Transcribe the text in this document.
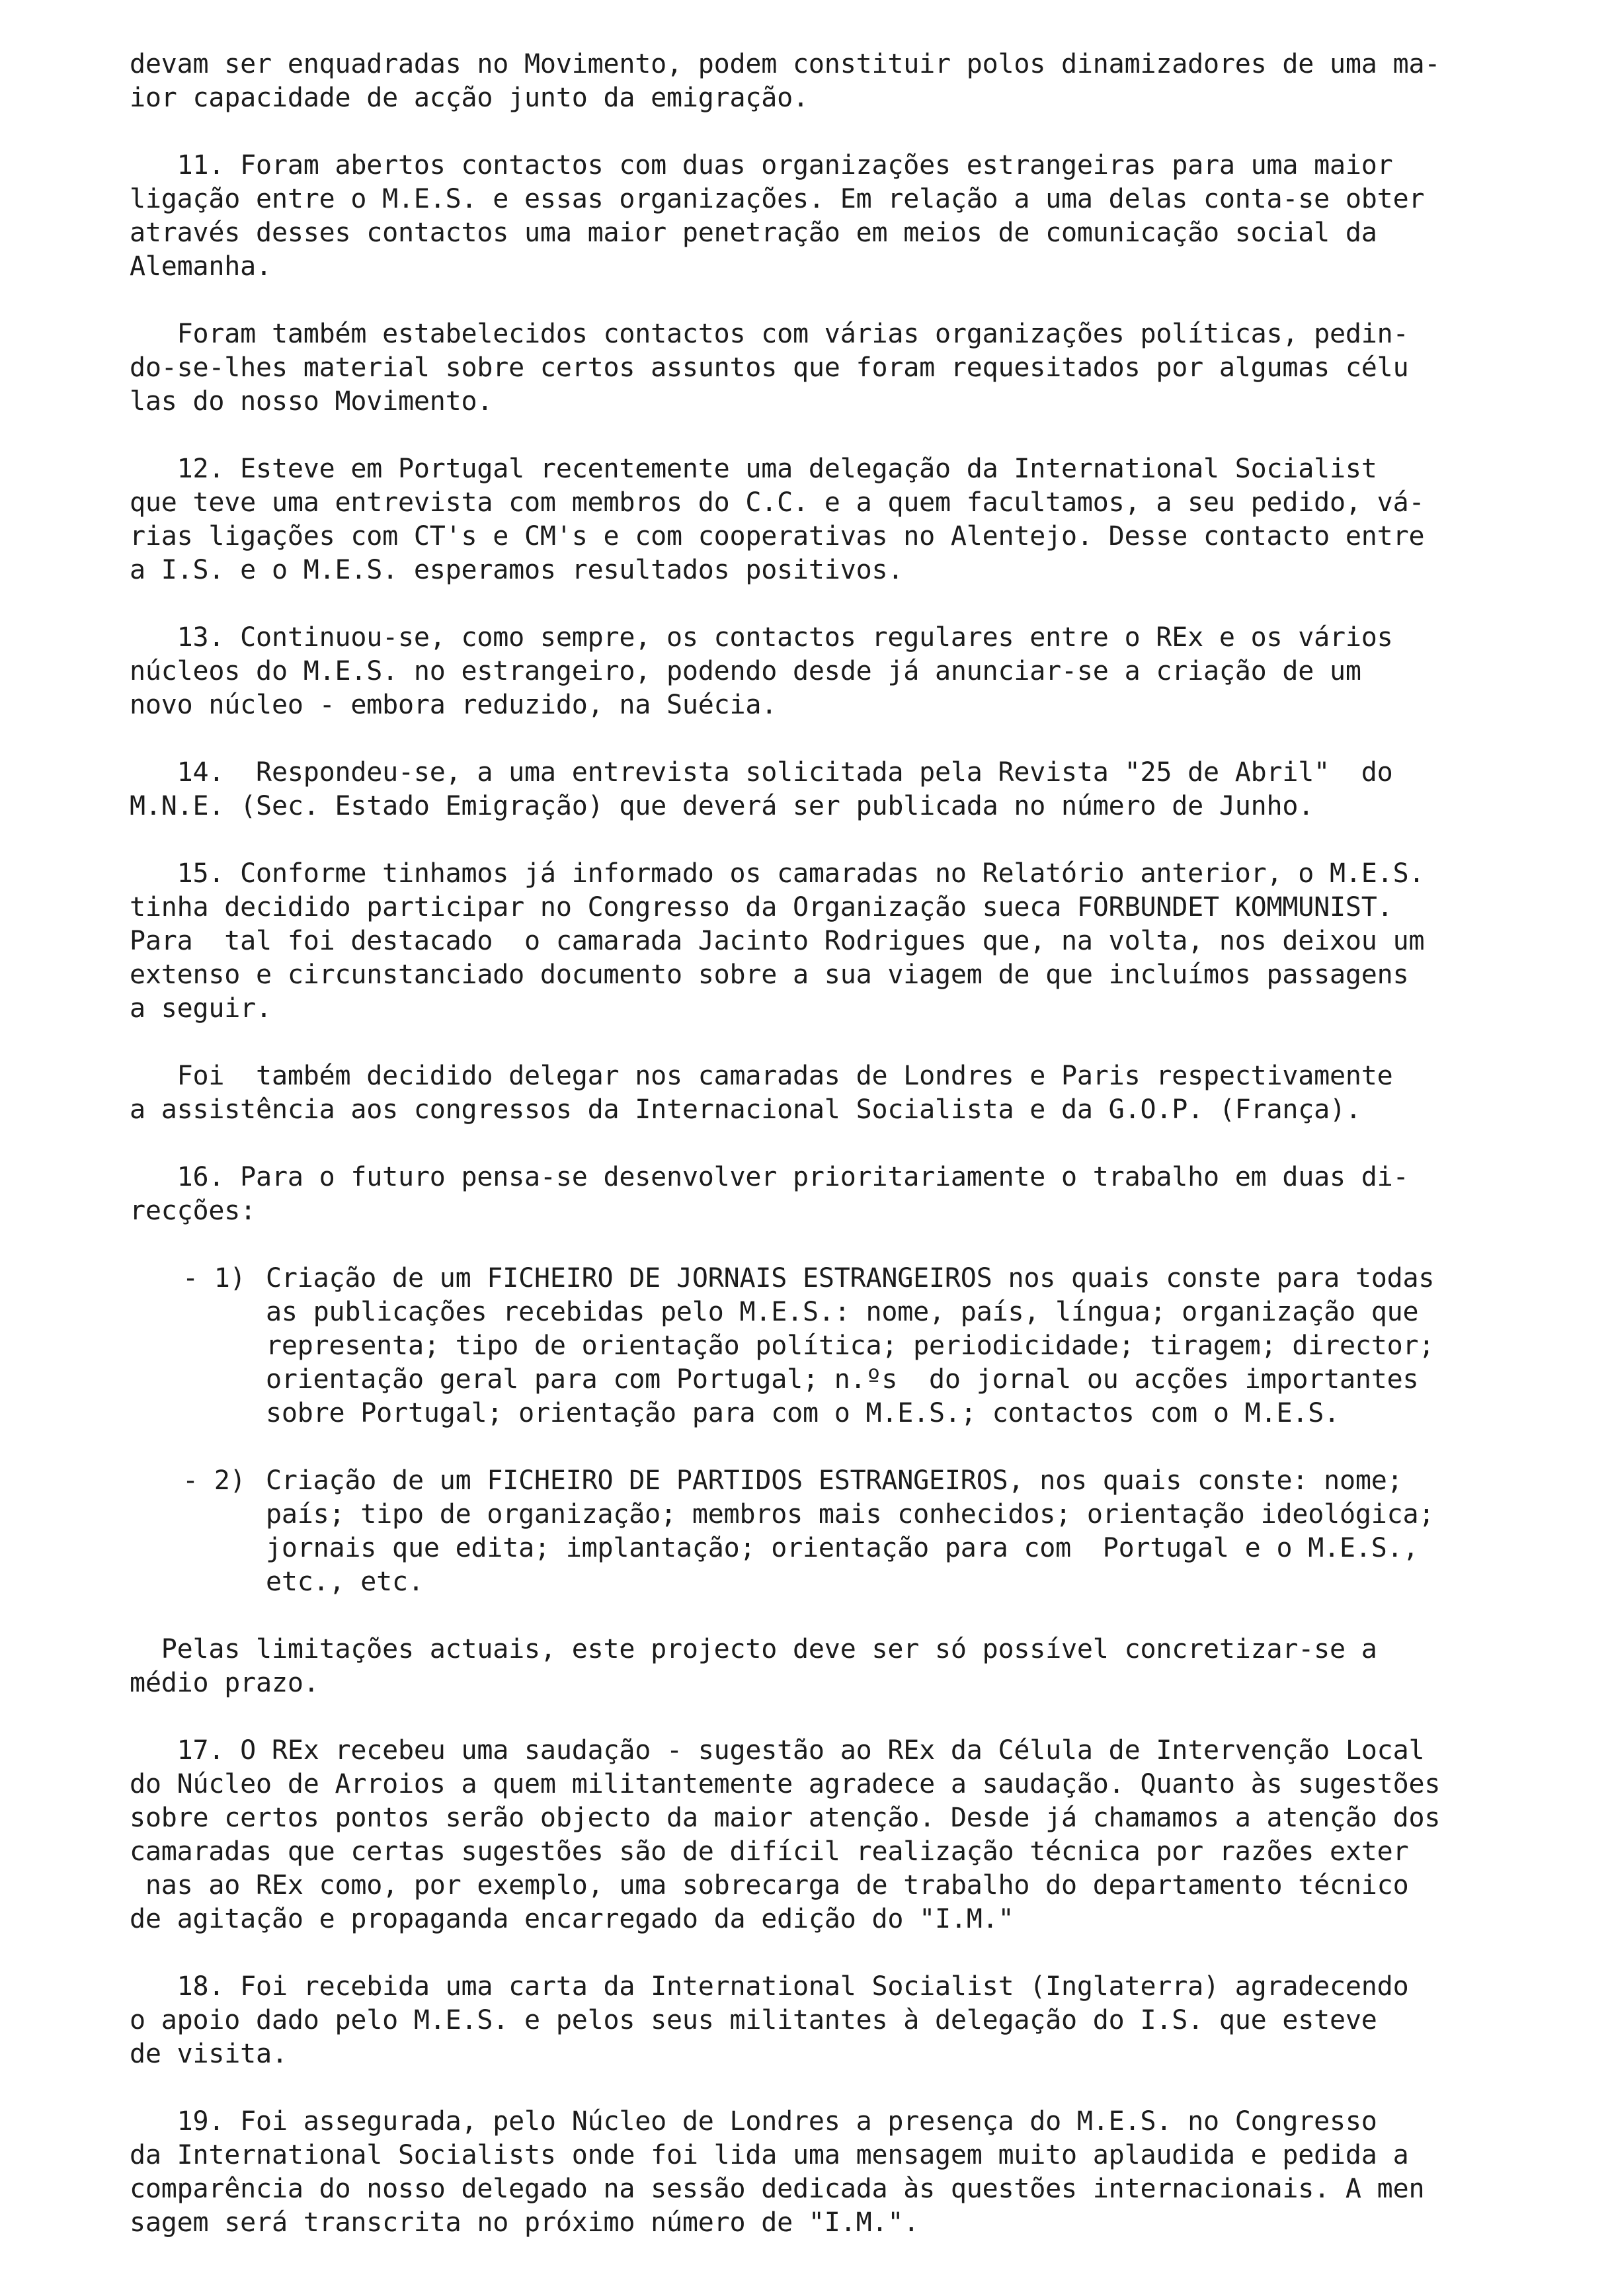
devam ser enquadradas no Movimento, podem constituir polos dinamizadores de uma ma-
ior capacidade de acção junto da emigração.
11. Foram abertos contactos com duas organizações estrangeiras para uma maior
ligação entre o M.E.S. e essas organizações. Em relação a uma delas conta-se obter
através desses contactos uma maior penetração em meios de comunicação social da
Alemanha.
Foram também estabelecidos contactos com várias organizações políticas, pedin-
do-se-lhes material sobre certos assuntos que foram requesitados por algumas célu
las do nosso Movimento.
12. Esteve em Portugal recentemente uma delegação da International Socialist
que teve uma entrevista com membros do C.C. e a quem facultamos, a seu pedido, vá-
rias ligações com CT's e CM's e com cooperativas no Alentejo. Desse contacto entre
a I.S. e o M.E.S. esperamos resultados positivos.
13. Continuou-se, como sempre, os contactos regulares entre o REx e os vários
núcleos do M.E.S. no estrangeiro, podendo desde já anunciar-se a criação de um
novo núcleo - embora reduzido, na Suécia.
14.  Respondeu-se, a uma entrevista solicitada pela Revista "25 de Abril"  do
M.N.E. (Sec. Estado Emigração) que deverá ser publicada no número de Junho.
15. Conforme tinhamos já informado os camaradas no Relatório anterior, o M.E.S.
tinha decidido participar no Congresso da Organização sueca FORBUNDET KOMMUNIST.
Para  tal foi destacado  o camarada Jacinto Rodrigues que, na volta, nos deixou um
extenso e circunstanciado documento sobre a sua viagem de que incluímos passagens
a seguir.
Foi  também decidido delegar nos camaradas de Londres e Paris respectivamente
a assistência aos congressos da Internacional Socialista e da G.O.P. (França).
16. Para o futuro pensa-se desenvolver prioritariamente o trabalho em duas di-
recções:
- 1) Criação de um FICHEIRO DE JORNAIS ESTRANGEIROS nos quais conste para todas
as publicações recebidas pelo M.E.S.: nome, país, língua; organização que
representa; tipo de orientação política; periodicidade; tiragem; director;
orientação geral para com Portugal; n.ºs  do jornal ou acções importantes
sobre Portugal; orientação para com o M.E.S.; contactos com o M.E.S.
- 2) Criação de um FICHEIRO DE PARTIDOS ESTRANGEIROS, nos quais conste: nome;
país; tipo de organização; membros mais conhecidos; orientação ideológica;
jornais que edita; implantação; orientação para com  Portugal e o M.E.S.,
etc., etc.
Pelas limitações actuais, este projecto deve ser só possível concretizar-se a
médio prazo.
17. O REx recebeu uma saudação - sugestão ao REx da Célula de Intervenção Local
do Núcleo de Arroios a quem militantemente agradece a saudação. Quanto às sugestões
sobre certos pontos serão objecto da maior atenção. Desde já chamamos a atenção dos
camaradas que certas sugestões são de difícil realização técnica por razões exter
nas ao REx como, por exemplo, uma sobrecarga de trabalho do departamento técnico
de agitação e propaganda encarregado da edição do "I.M."
18. Foi recebida uma carta da International Socialist (Inglaterra) agradecendo
o apoio dado pelo M.E.S. e pelos seus militantes à delegação do I.S. que esteve
de visita.
19. Foi assegurada, pelo Núcleo de Londres a presença do M.E.S. no Congresso
da International Socialists onde foi lida uma mensagem muito aplaudida e pedida a
comparência do nosso delegado na sessão dedicada às questões internacionais. A men
sagem será transcrita no próximo número de "I.M.".
